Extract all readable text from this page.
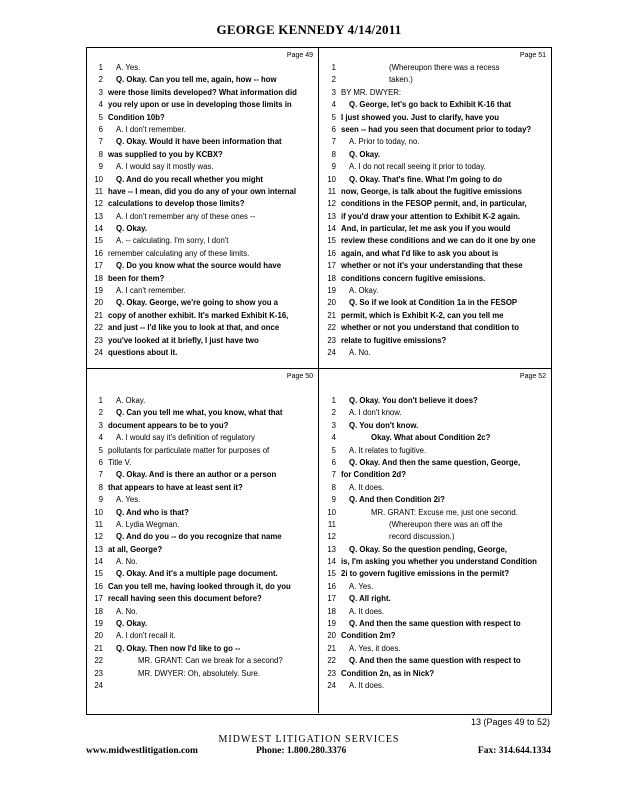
GEORGE KENNEDY 4/14/2011
Page 49
1	A. Yes.
2	Q. Okay. Can you tell me, again, how -- how
3 were those limits developed? What information did
4 you rely upon or use in developing those limits in
5 Condition 10b?
6	A. I don't remember.
7	Q. Okay. Would it have been information that
8 was supplied to you by KCBX?
9	A. I would say it mostly was.
10	Q. And do you recall whether you might
11 have -- I mean, did you do any of your own internal
12 calculations to develop those limits?
13	A. I don't remember any of these ones --
14	Q. Okay.
15	A. -- calculating. I'm sorry, I don't
16 remember calculating any of these limits.
17	Q. Do you know what the source would have
18 been for them?
19	A. I can't remember.
20	Q. Okay. George, we're going to show you a
21 copy of another exhibit. It's marked Exhibit K-16,
22 and just -- I'd like you to look at that, and once
23 you've looked at it briefly, I just have two
24 questions about it.
Page 51
1	(Whereupon there was a recess
2	taken.)
3 BY MR. DWYER:
4	Q. George, let's go back to Exhibit K-16 that
5 I just showed you. Just to clarify, have you
6 seen -- had you seen that document prior to today?
7	A. Prior to today, no.
8	Q. Okay.
9	A. I do not recall seeing it prior to today.
10	Q. Okay. That's fine. What I'm going to do
11 now, George, is talk about the fugitive emissions
12 conditions in the FESOP permit, and, in particular,
13 if you'd draw your attention to Exhibit K-2 again.
14 And, in particular, let me ask you if you would
15 review these conditions and we can do it one by one
16 again, and what I'd like to ask you about is
17 whether or not it's your understanding that these
18 conditions concern fugitive emissions.
19	A. Okay.
20	Q. So if we look at Condition 1a in the FESOP
21 permit, which is Exhibit K-2, can you tell me
22 whether or not you understand that condition to
23 relate to fugitive emissions?
24	A. No.
Page 50
1	A. Okay.
2	Q. Can you tell me what, you know, what that
3 document appears to be to you?
4	A. I would say it's definition of regulatory
5 pollutants for particulate matter for purposes of
6 Title V.
7	Q. Okay. And is there an author or a person
8 that appears to have at least sent it?
9	A. Yes.
10	Q. And who is that?
11	A. Lydia Wegman.
12	Q. And do you -- do you recognize that name
13 at all, George?
14	A. No.
15	Q. Okay. And it's a multiple page document.
16 Can you tell me, having looked through it, do you
17 recall having seen this document before?
18	A. No.
19	Q. Okay.
20	A. I don't recall it.
21	Q. Okay. Then now I'd like to go --
22	MR. GRANT: Can we break for a second?
23	MR. DWYER: Oh, absolutely. Sure.
24
Page 52
1	Q. Okay. You don't believe it does?
2	A. I don't know.
3	Q. You don't know.
4	Okay. What about Condition 2c?
5	A. It relates to fugitive.
6	Q. Okay. And then the same question, George,
7 for Condition 2d?
8	A. It does.
9	Q. And then Condition 2i?
10	MR. GRANT: Excuse me, just one second.
11	(Whereupon there was an off the
12	record discussion.)
13	Q. Okay. So the question pending, George,
14 is, I'm asking you whether you understand Condition
15 2i to govern fugitive emissions in the permit?
16	A. Yes.
17	Q. All right.
18	A. It does.
19	Q. And then the same question with respect to
20 Condition 2m?
21	A. Yes, it does.
22	Q. And then the same question with respect to
23 Condition 2n, as in Nick?
24	A. It does.
13 (Pages 49 to 52)
MIDWEST LITIGATION SERVICES
www.midwestlitigation.com	Phone: 1.800.280.3376	Fax: 314.644.1334
